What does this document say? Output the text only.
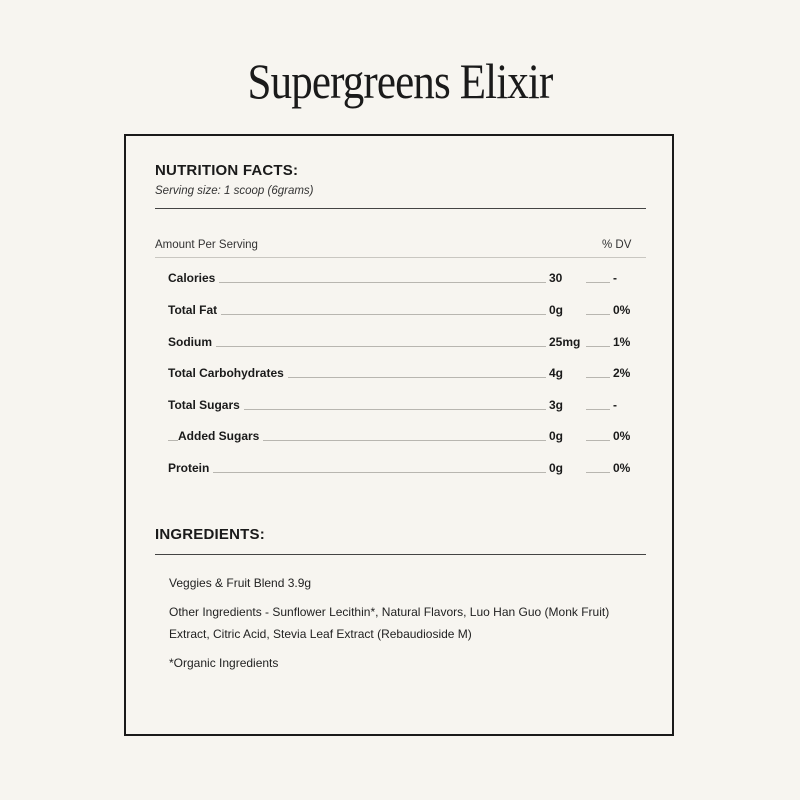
Supergreens Elixir
NUTRITION FACTS:
Serving size: 1 scoop (6grams)
Amount Per Serving	% DV
Calories	30	-
Total Fat	0g	0%
Sodium	25mg	1%
Total Carbohydrates	4g	2%
Total Sugars	3g	-
Added Sugars	0g	0%
Protein	0g	0%
INGREDIENTS:
Veggies & Fruit Blend 3.9g
Other Ingredients - Sunflower Lecithin*, Natural Flavors, Luo Han Guo (Monk Fruit) Extract, Citric Acid, Stevia Leaf Extract (Rebaudioside M)
*Organic Ingredients
